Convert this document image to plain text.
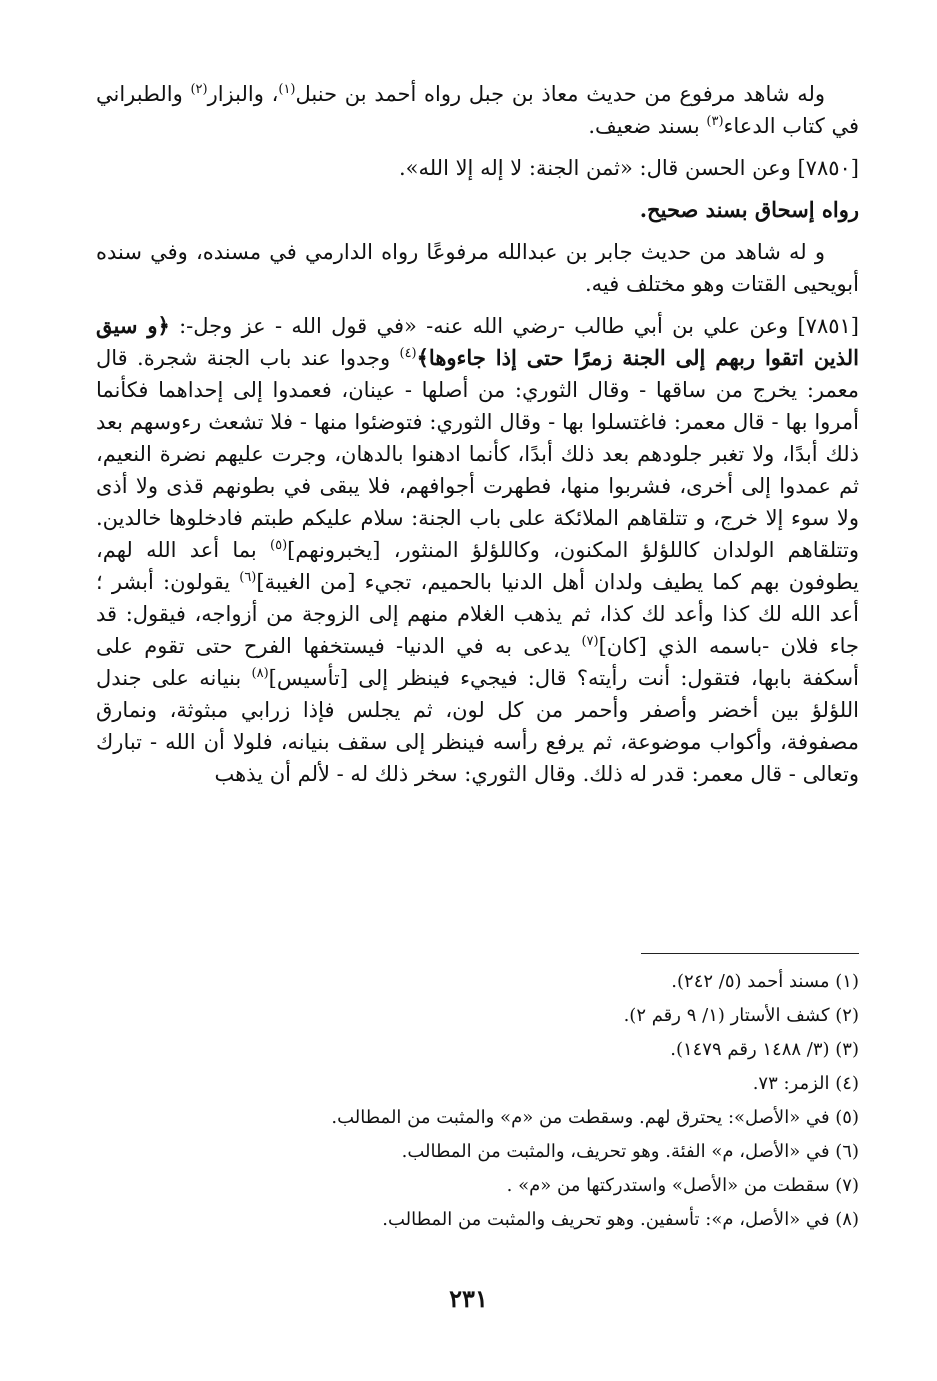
وله شاهد مرفوع من حديث معاذ بن جبل رواه أحمد بن حنبل$^{(١)}$، والبزار$^{(٢)}$ والطبراني في كتاب الدعاء$^{(٣)}$ بسند ضعيف.

[٧٨٥٠] وعن الحسن قال: «ثمن الجنة: لا إله إلا الله».

رواه إسحاق بسند صحيح.

و له شاهد من حديث جابر بن عبدالله مرفوعًا رواه الدارمي في مسنده، وفي سنده أبويحيى القتات وهو مختلف فيه.

[٧٨٥١] وعن علي بن أبي طالب -رضي الله عنه- «في قول الله - عز وجل-: ﴿و سيق الذين اتقوا ربهم إلى الجنة زمرًا حتى إذا جاءوها﴾$^{(٤)}$ وجدوا عند باب الجنة شجرة. قال معمر: يخرج من ساقها - وقال الثوري: من أصلها - عينان، فعمدوا إلى إحداهما فكأنما أمروا بها - قال معمر: فاغتسلوا بها - وقال الثوري: فتوضئوا منها - فلا تشعث رءوسهم بعد ذلك أبدًا، ولا تغبر جلودهم بعد ذلك أبدًا، كأنما ادهنوا بالدهان، وجرت عليهم نضرة النعيم، ثم عمدوا إلى أخرى، فشربوا منها، فطهرت أجوافهم، فلا يبقى في بطونهم قذى ولا أذى ولا سوء إلا خرج، و تتلقاهم الملائكة على باب الجنة: سلام عليكم طبتم فادخلوها خالدين. وتتلقاهم الولدان كاللؤلؤ المكنون، وكاللؤلؤ المنثور، [يخبرونهم]$^{(٥)}$ بما أعد الله لهم، يطوفون بهم كما يطيف ولدان أهل الدنيا بالحميم، تجيء [من الغيبة]$^{(٦)}$ يقولون: أبشر ؛ أعد الله لك كذا وأعد لك كذا، ثم يذهب الغلام منهم إلى الزوجة من أزواجه، فيقول: قد جاء فلان -باسمه الذي [كان]$^{(٧)}$ يدعى به في الدنيا- فيستخفها الفرح حتى تقوم على أسكفة بابها، فتقول: أنت رأيته؟ قال: فيجيء فينظر إلى [تأسيس]$^{(٨)}$ بنيانه على جندل اللؤلؤ بين أخضر وأصفر وأحمر من كل لون، ثم يجلس فإذا زرابي مبثوثة، ونمارق مصفوفة، وأكواب موضوعة، ثم يرفع رأسه فينظر إلى سقف بنيانه، فلولا أن الله - تبارك وتعالى - قال معمر: قدر له ذلك. وقال الثوري: سخر ذلك له - لألم أن يذهب

(١) مسند أحمد (٥/ ٢٤٢).

(٢) كشف الأستار (١/ ٩ رقم ٢).

(٣) (٣/ ١٤٨٨ رقم ١٤٧٩).

(٤) الزمر: ٧٣.

(٥) في «الأصل»: يحترق لهم. وسقطت من «م» والمثبت من المطالب.

(٦) في «الأصل، م» الفئة. وهو تحريف، والمثبت من المطالب.

(٧) سقطت من «الأصل» واستدركتها من «م» .

(٨) في «الأصل، م»: تأسفين. وهو تحريف والمثبت من المطالب.

٢٣١
